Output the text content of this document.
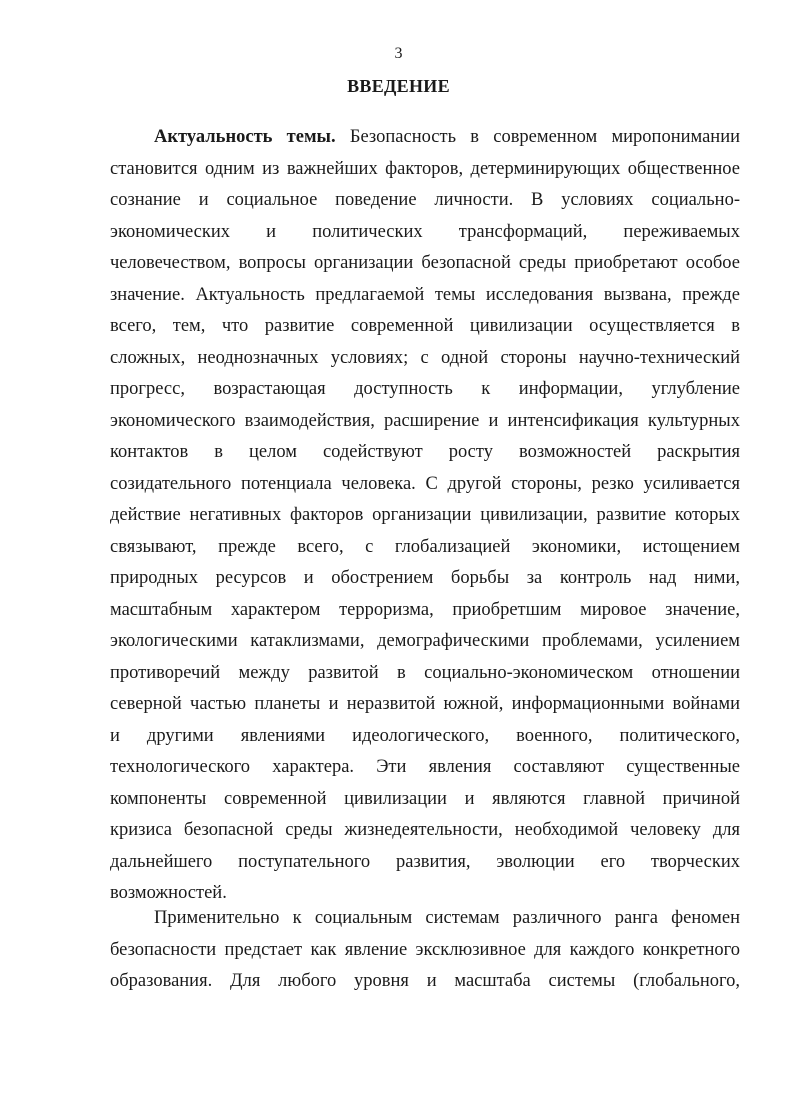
3
ВВЕДЕНИЕ
Актуальность темы. Безопасность в современном миропонимании
становится одним из важнейших факторов, детерминирующих общественное
сознание и социальное поведение личности. В условиях социально-
экономических и политических трансформаций, переживаемых
человечеством, вопросы организации безопасной среды приобретают особое
значение. Актуальность предлагаемой темы исследования вызвана, прежде
всего, тем, что развитие современной цивилизации осуществляется в
сложных, неоднозначных условиях; с одной стороны научно-технический
прогресс, возрастающая доступность к информации, углубление
экономического взаимодействия, расширение и интенсификация культурных
контактов в целом содействуют росту возможностей раскрытия
созидательного потенциала человека. С другой стороны, резко усиливается
действие негативных факторов организации цивилизации, развитие которых
связывают, прежде всего, с глобализацией экономики, истощением
природных ресурсов и обострением борьбы за контроль над ними,
масштабным характером терроризма, приобретшим мировое значение,
экологическими катаклизмами, демографическими проблемами, усилением
противоречий между развитой в социально-экономическом отношении
северной частью планеты и неразвитой южной, информационными войнами
и другими явлениями идеологического, военного, политического,
технологического характера. Эти явления составляют существенные
компоненты современной цивилизации и являются главной причиной
кризиса безопасной среды жизнедеятельности, необходимой человеку для
дальнейшего поступательного развития, эволюции его творческих
возможностей.
Применительно к социальным системам различного ранга феномен
безопасности предстает как явление эксклюзивное для каждого конкретного
образования. Для любого уровня и масштаба системы (глобального,
